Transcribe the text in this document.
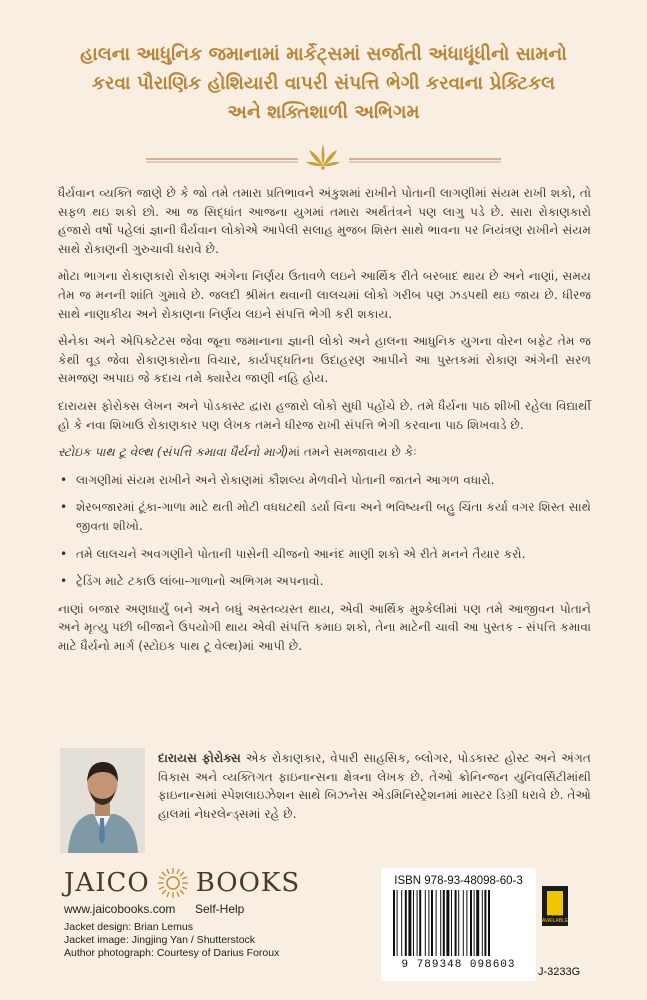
હાલના આધુનિક જમાનામાં માર્કેટ્સમાં સર્જાતી અંધાધૂંધીનો સામનો
કરવા પૌરાણિક હોશિયારી વાપરી સંપત્તિ ભેગી કરવાના પ્રેક્ટિકલ
અને શક્તિશાળી અભિગમ

ધૈર્યવાન વ્યક્તિ જાણે છે કે જો તમે તમારા પ્રતિભાવને અંકુશમાં રાખીને પોતાની લાગણીમાં સંયમ રાખી શકો, તો સફળ થઇ શકો છો. આ જ સિદ્ધાંત આજના યુગમાં તમારા અર્થતંત્રને પણ લાગુ પડે છે. સારા રોકાણકારો હજારો વર્ષો પહેલાં જ્ઞાની ધૈર્યવાન લોકોએ આપેલી સલાહ મુજબ શિસ્ત સાથે ભાવના પર નિયંત્રણ રાખીને સંયમ સાથે રોકાણની ગુરુચાવી ધરાવે છે.

મોટા ભાગના રોકાણકારો રોકાણ અંગેના નિર્ણય ઉતાવળે લઇને આર્થિક રીતે બરબાદ થાય છે અને નાણાં, સમય તેમ જ મનની શાંતિ ગુમાવે છે. જલદી શ્રીમંત થવાની લાલચમાં લોકો ગરીબ પણ ઝડપથી થઇ જાય છે. ધીરજ સાથે નાણાકીય અને રોકાણના નિર્ણય લઇને સંપત્તિ ભેગી કરી શકાય.

સેનેકા અને એપિક્ટેટસ જેવા જૂના જમાનાના જ્ઞાની લોકો અને હાલના આધુનિક યુગના વોરન બફેટ તેમ જ કેથી વૂડ જેવા રોકાણકારોના વિચાર, કાર્યપદ્ધતિના ઉદાહરણ આપીને આ પુસ્તકમાં રોકાણ અંગેની સરળ સમજણ અપાઇ જે કદાચ તમે ક્યારેય જાણી નહિ હોય.

દારાયસ ફોરોક્સ લેખન અને પોડકાસ્ટ દ્વારા હજારો લોકો સુધી પહોંચે છે. તમે ધૈર્યના પાઠ શીખી રહેલા વિદ્યાર્થી હો કે નવા શિખાઉ રોકાણકાર પણ લેખક તમને ધીરજ રાખી સંપત્તિ ભેગી કરવાના પાઠ શિખવાડે છે.

સ્ટોઇક પાથ ટૂ વેલ્થ (સંપત્તિ કમાવા ધૈર્યનો માર્ગ)માં તમને સમજાવાય છે કેઃ

• લાગણીમાં સંયમ રાખીને અને રોકાણમાં કૌશલ્ય મેળવીને પોતાની જાતને આગળ વધારો.
• શેરબજારમાં ટૂંકા-ગાળા માટે થતી મોટી વધઘટથી ડર્યા વિના અને ભવિષ્યની બહુ ચિંતા કર્યા વગર શિસ્ત સાથે જીવતા શીખો.
• તમે લાલચને અવગણીને પોતાની પાસેની ચીજનો આનંદ માણી શકો એ રીતે મનને તૈયાર કરો.
• ટ્રેડિંગ માટે ટકાઉ લાંબા-ગાળાનો અભિગમ અપનાવો.

નાણાં બજાર અણધાર્યું બને અને બધું અસ્તવ્યસ્ત થાય, એવી આર્થિક મુશ્કેલીમાં પણ તમે આજીવન પોતાને અને મૃત્યુ પછી બીજાને ઉપયોગી થાય એવી સંપત્તિ કમાઇ શકો, તેના માટેની ચાવી આ પુસ્તક - સંપત્તિ કમાવા માટે ધૈર્યનો માર્ગ (સ્ટોઇક પાથ ટૂ વેલ્થ)માં આપી છે.

દારાયસ ફોરોક્સ એક રોકાણકાર, વેપારી સાહસિક, બ્લોગર, પોડકાસ્ટ હોસ્ટ અને અંગત વિકાસ અને વ્યક્તિગત ફાઇનાન્સના ક્ષેત્રના લેખક છે. તેઓ ક્રોનિન્જન યુનિવર્સિટીમાંથી ફાઇનાન્સમાં સ્પેશલાઇઝેશન સાથે બિઝનેસ એડમિનિસ્ટ્રેશનમાં માસ્ટર ડિગ્રી ધરાવે છે. તેઓ હાલમાં નેધરલેન્ડ્સમાં રહે છે.
JAICO BOOKS
www.jaicobooks.com Self-Help
Jacket design: Brian Lemus
Jacket image: Jingjing Yan / Shutterstock
Author photograph: Courtesy of Darius Foroux
ISBN 978-93-48098-60-3
9 789348 098603
e Book AVAILABLE
J-3233G
